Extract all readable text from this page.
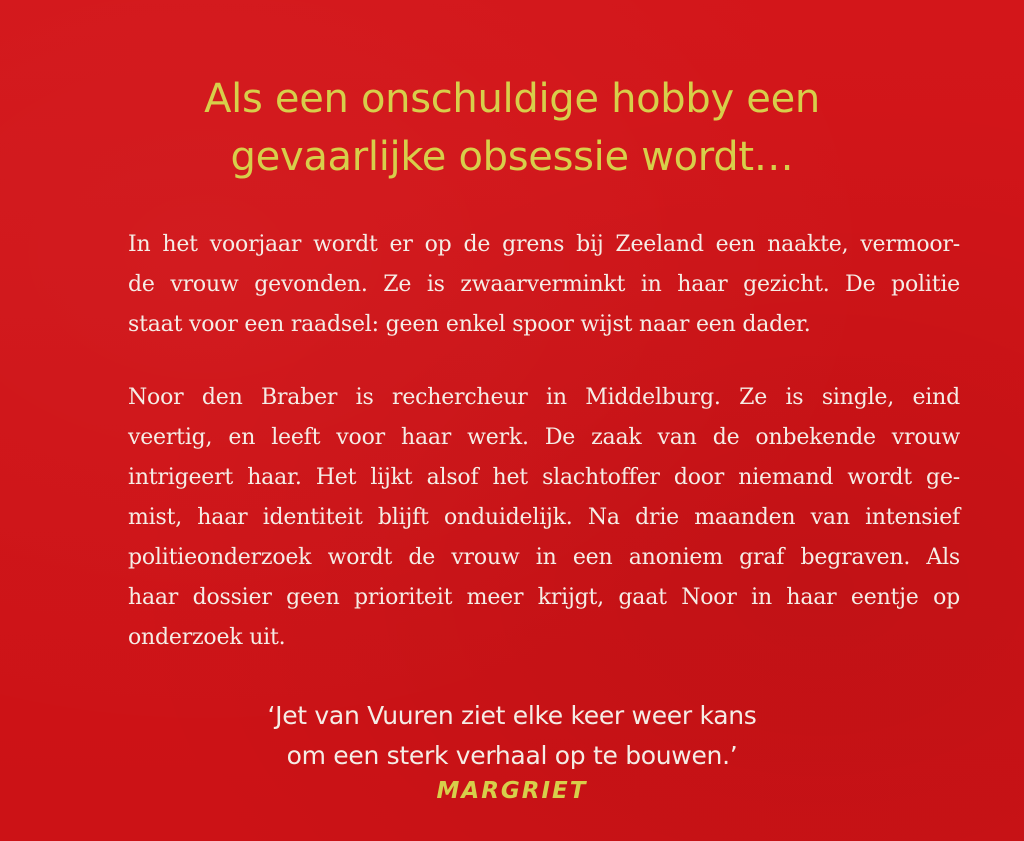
Als een onschuldige hobby een
gevaarlijke obsessie wordt…
In het voorjaar wordt er op de grens bij Zeeland een naakte, vermoor-
de vrouw gevonden. Ze is zwaarverminkt in haar gezicht. De politie
staat voor een raadsel: geen enkel spoor wijst naar een dader.
Noor den Braber is rechercheur in Middelburg. Ze is single, eind
veertig, en leeft voor haar werk. De zaak van de onbekende vrouw
intrigeert haar. Het lijkt alsof het slachtoffer door niemand wordt ge-
mist, haar identiteit blijft onduidelijk. Na drie maanden van intensief
politieonderzoek wordt de vrouw in een anoniem graf begraven. Als
haar dossier geen prioriteit meer krijgt, gaat Noor in haar eentje op
onderzoek uit.
‘Jet van Vuuren ziet elke keer weer kans
om een sterk verhaal op te bouwen.’
MARGRIET
